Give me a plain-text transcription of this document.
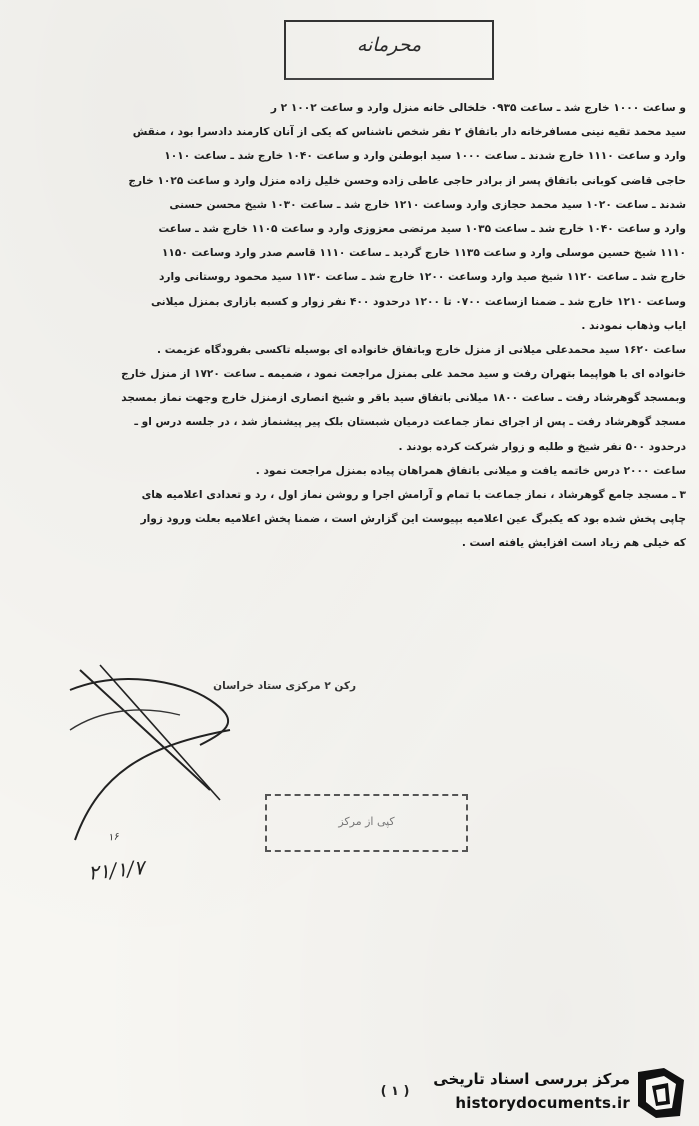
محرمانه
و ساعت ۱۰۰۰ خارج شد ـ ساعت ۰۹۳۵ خلخالی خانه منزل وارد و ساعت ۱۰۰۲ ۲ ر
سید محمد تقیه نینی مسافرخانه دار باتفاق ۲ نفر شخص ناشناس که یکی از آنان کارمند دادسرا بود ، منقش
وارد و ساعت ۱۱۱۰ خارج شدند ـ ساعت ۱۰۰۰ سید ابوطنن وارد و ساعت ۱۰۴۰ خارج شد ـ ساعت ۱۰۱۰
حاجی قاضی کوبانی باتفاق پسر از برادر حاجی عاطی زاده وحسن خلیل زاده منزل وارد و ساعت ۱۰۲۵ خارج
شدند ـ ساعت ۱۰۲۰ سید محمد حجازی وارد وساعت ۱۲۱۰ خارج شد ـ ساعت ۱۰۳۰ شیخ محسن حسنی
وارد و ساعت ۱۰۴۰ خارج شد ـ ساعت ۱۰۳۵ سید مرتضی معزوزی وارد و ساعت ۱۱۰۵ خارج شد ـ ساعت
۱۱۱۰ شیخ حسین موسلی وارد و ساعت ۱۱۳۵ خارج گردید ـ ساعت ۱۱۱۰ قاسم صدر وارد وساعت ۱۱۵۰
خارج شد ـ ساعت ۱۱۲۰ شیخ صید وارد وساعت ۱۲۰۰ خارج شد ـ ساعت ۱۱۳۰ سید محمود روستانی وارد
وساعت ۱۲۱۰ خارج شد ـ ضمنا ازساعت ۰۷۰۰ تا ۱۲۰۰ درحدود ۴۰۰ نفر زوار و کسبه بازاری بمنزل میلانی
ایاب وذهاب نمودند .
ساعت ۱۶۲۰ سید محمدعلی میلانی از منزل خارج وباتفاق خانواده ای بوسیله تاکسی بفرودگاه عزیمت .
خانواده ای با هواپیما بتهران رفت و سید محمد علی بمنزل مراجعت نمود ، ضمیمه ـ ساعت ۱۷۲۰ از منزل خارج
وبمسجد گوهرشاد رفت ـ ساعت ۱۸۰۰ میلانی باتفاق سید باقر و شیخ انصاری ازمنزل خارج وجهت نماز بمسجد
مسجد گوهرشاد رفت ـ پس از اجرای نماز جماعت درمیان شبستان بلک پیر پیشنماز شد ، در جلسه درس او ـ
درحدود ۵۰۰ نفر شیخ و طلبه و زوار شرکت کرده بودند .
ساعت ۲۰۰۰ درس خاتمه یافت و میلانی باتفاق همراهان پیاده بمنزل مراجعت نمود .
۳ ـ مسجد جامع گوهرشاد ، نماز جماعت با تمام و آرامش اجرا و روشن نماز اول ، رد و تعدادی اعلامیه های
چاپی پخش شده بود که یکبرگ عین اعلامیه بپیوست این گزارش است ، ضمنا پخش اعلامیه بعلت ورود زوار
که خیلی هم زیاد است افزایش یافته است .
رکن ۲ مرکزی ستاد خراسان
کپی از مرکز
۱۶
۲۱/۱/۷
( ۱ )
مرکز بررسی اسناد تاریخی
historydocuments.ir
